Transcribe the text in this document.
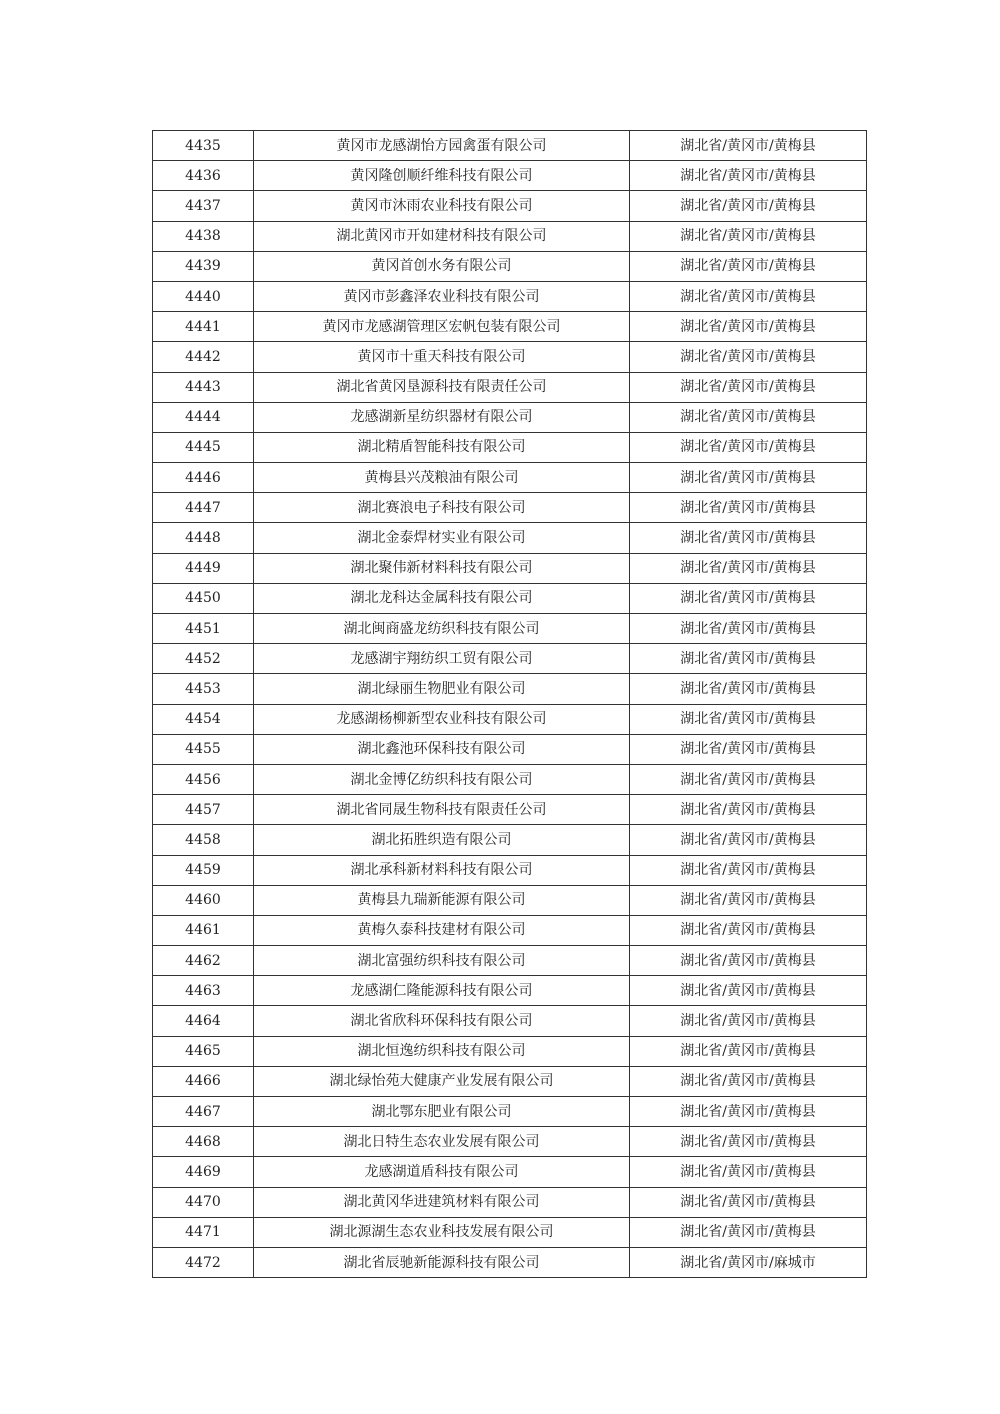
4435	黄冈市龙感湖怡方园禽蛋有限公司	湖北省/黄冈市/黄梅县
4436	黄冈隆创顺纤维科技有限公司	湖北省/黄冈市/黄梅县
4437	黄冈市沐雨农业科技有限公司	湖北省/黄冈市/黄梅县
4438	湖北黄冈市开如建材科技有限公司	湖北省/黄冈市/黄梅县
4439	黄冈首创水务有限公司	湖北省/黄冈市/黄梅县
4440	黄冈市彭鑫泽农业科技有限公司	湖北省/黄冈市/黄梅县
4441	黄冈市龙感湖管理区宏帆包装有限公司	湖北省/黄冈市/黄梅县
4442	黄冈市十重天科技有限公司	湖北省/黄冈市/黄梅县
4443	湖北省黄冈垦源科技有限责任公司	湖北省/黄冈市/黄梅县
4444	龙感湖新星纺织器材有限公司	湖北省/黄冈市/黄梅县
4445	湖北精盾智能科技有限公司	湖北省/黄冈市/黄梅县
4446	黄梅县兴茂粮油有限公司	湖北省/黄冈市/黄梅县
4447	湖北赛浪电子科技有限公司	湖北省/黄冈市/黄梅县
4448	湖北金泰焊材实业有限公司	湖北省/黄冈市/黄梅县
4449	湖北聚伟新材料科技有限公司	湖北省/黄冈市/黄梅县
4450	湖北龙科达金属科技有限公司	湖北省/黄冈市/黄梅县
4451	湖北闽商盛龙纺织科技有限公司	湖北省/黄冈市/黄梅县
4452	龙感湖宇翔纺织工贸有限公司	湖北省/黄冈市/黄梅县
4453	湖北绿丽生物肥业有限公司	湖北省/黄冈市/黄梅县
4454	龙感湖杨柳新型农业科技有限公司	湖北省/黄冈市/黄梅县
4455	湖北鑫池环保科技有限公司	湖北省/黄冈市/黄梅县
4456	湖北金博亿纺织科技有限公司	湖北省/黄冈市/黄梅县
4457	湖北省同晟生物科技有限责任公司	湖北省/黄冈市/黄梅县
4458	湖北拓胜织造有限公司	湖北省/黄冈市/黄梅县
4459	湖北承科新材料科技有限公司	湖北省/黄冈市/黄梅县
4460	黄梅县九瑞新能源有限公司	湖北省/黄冈市/黄梅县
4461	黄梅久泰科技建材有限公司	湖北省/黄冈市/黄梅县
4462	湖北富强纺织科技有限公司	湖北省/黄冈市/黄梅县
4463	龙感湖仁隆能源科技有限公司	湖北省/黄冈市/黄梅县
4464	湖北省欣科环保科技有限公司	湖北省/黄冈市/黄梅县
4465	湖北恒逸纺织科技有限公司	湖北省/黄冈市/黄梅县
4466	湖北绿怡苑大健康产业发展有限公司	湖北省/黄冈市/黄梅县
4467	湖北鄂东肥业有限公司	湖北省/黄冈市/黄梅县
4468	湖北日特生态农业发展有限公司	湖北省/黄冈市/黄梅县
4469	龙感湖道盾科技有限公司	湖北省/黄冈市/黄梅县
4470	湖北黄冈华进建筑材料有限公司	湖北省/黄冈市/黄梅县
4471	湖北源湖生态农业科技发展有限公司	湖北省/黄冈市/黄梅县
4472	湖北省辰驰新能源科技有限公司	湖北省/黄冈市/麻城市
